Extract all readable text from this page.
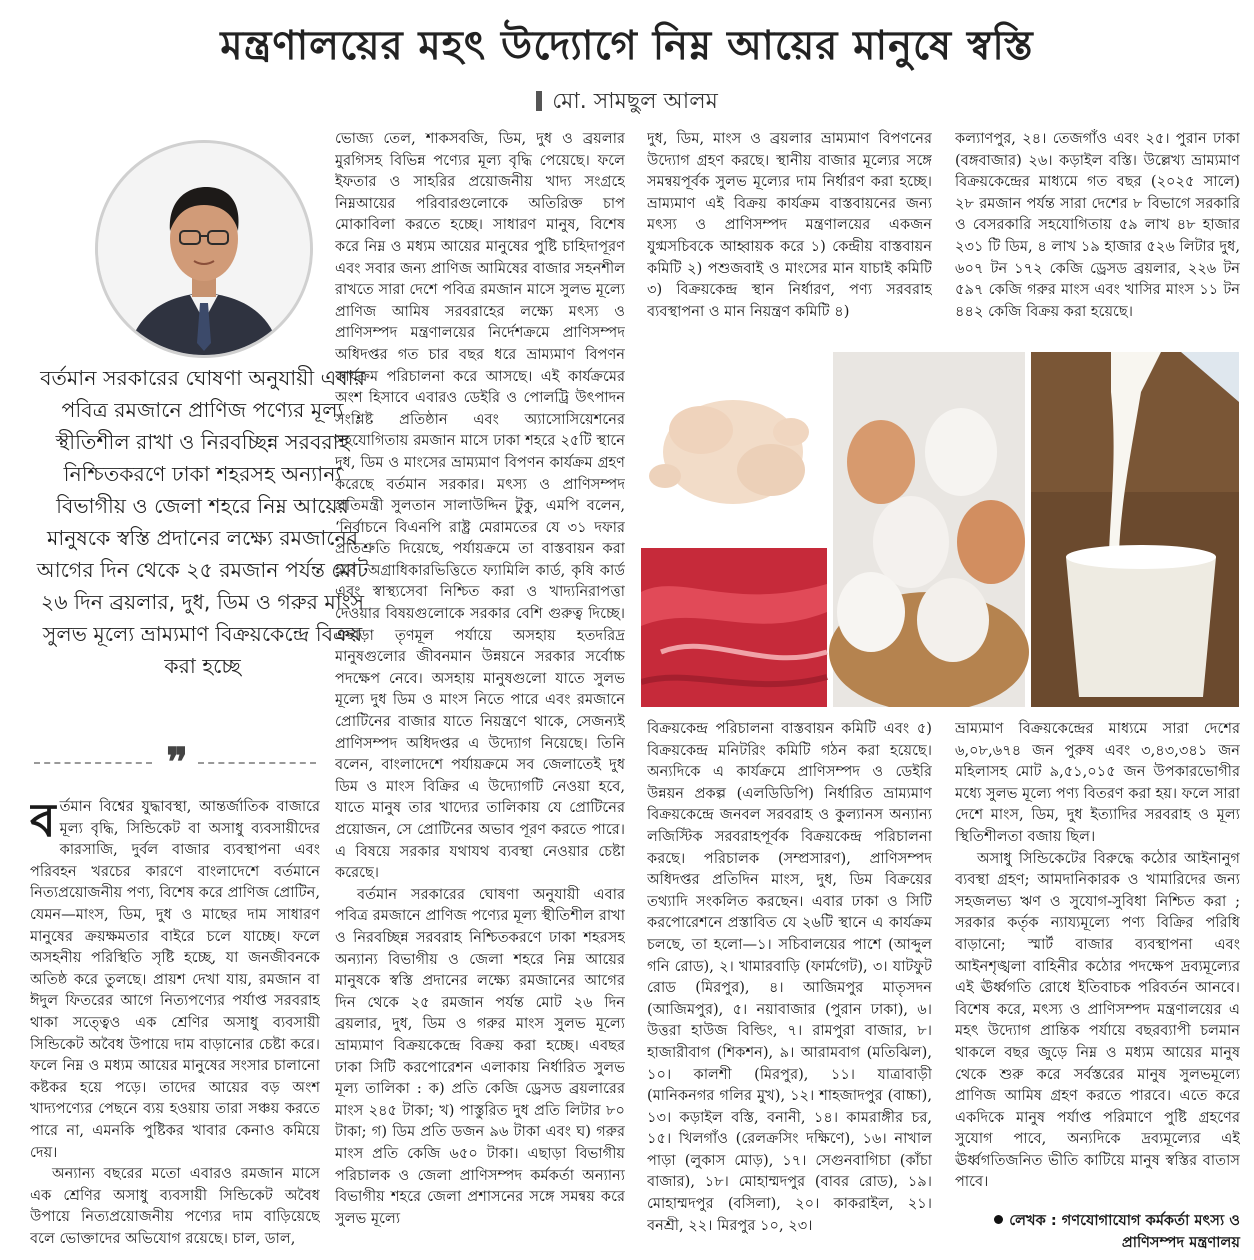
মন্ত্রণালয়ের মহৎ উদ্যোগে নিম্ন আয়ের মানুষে স্বস্তি
মো. সামছুল আলম
বর্তমান সরকারের ঘোষণা অনুযায়ী এবার পবিত্র রমজানে প্রাণিজ পণ্যের মূল্য স্থীতিশীল রাখা ও নিরবচ্ছিন্ন সরবরাহ নিশ্চিতকরণে ঢাকা শহরসহ অন্যান্য বিভাগীয় ও জেলা শহরে নিম্ন আয়ের মানুষকে স্বস্তি প্রদানের লক্ষ্যে রমজানের আগের দিন থেকে ২৫ রমজান পর্যন্ত মোট ২৬ দিন ব্রয়লার, দুধ, ডিম ও গরুর মাংস সুলভ মূল্যে ভ্রাম্যমাণ বিক্রয়কেন্দ্রে বিক্রয় করা হচ্ছে
❞

বর্তমান বিশ্বের যুদ্ধাবস্থা, আন্তর্জাতিক বাজারে মূল্য বৃদ্ধি, সিন্ডিকেট বা অসাধু ব্যবসায়ীদের কারসাজি, দুর্বল বাজার ব্যবস্থাপনা এবং পরিবহন খরচের কারণে বাংলাদেশে বর্তমানে নিত্যপ্রয়োজনীয় পণ্য, বিশেষ করে প্রাণিজ প্রোটিন, যেমন—মাংস, ডিম, দুধ ও মাছের দাম সাধারণ মানুষের ক্রয়ক্ষমতার বাইরে চলে যাচ্ছে। ফলে অসহনীয় পরিস্থিতি সৃষ্টি হচ্ছে, যা জনজীবনকে অতিষ্ঠ করে তুলছে। প্রায়শ দেখা যায়, রমজান বা ঈদুল ফিতরের আগে নিত্যপণ্যের পর্যাপ্ত সরবরাহ থাকা সত্ত্বেও এক শ্রেণির অসাধু ব্যবসায়ী সিন্ডিকেট অবৈধ উপায়ে দাম বাড়ানোর চেষ্টা করে। ফলে নিম্ন ও মধ্যম আয়ের মানুষের সংসার চালানো কষ্টকর হয়ে পড়ে। তাদের আয়ের বড় অংশ খাদ্যপণ্যের পেছনে ব্যয় হওয়ায় তারা সঞ্চয় করতে পারে না, এমনকি পুষ্টিকর খাবার কেনাও কমিয়ে দেয়।

অন্যান্য বছরের মতো এবারও রমজান মাসে এক শ্রেণির অসাধু ব্যবসায়ী সিন্ডিকেট অবৈধ উপায়ে নিত্যপ্রয়োজনীয় পণ্যের দাম বাড়িয়েছে বলে ভোক্তাদের অভিযোগ রয়েছে। চাল, ডাল,

ভোজ্য তেল, শাকসবজি, ডিম, দুধ ও ব্রয়লার মুরগিসহ বিভিন্ন পণ্যের মূল্য বৃদ্ধি পেয়েছে। ফলে ইফতার ও সাহরির প্রয়োজনীয় খাদ্য সংগ্রহে নিম্নআয়ের পরিবারগুলোকে অতিরিক্ত চাপ মোকাবিলা করতে হচ্ছে। সাধারণ মানুষ, বিশেষ করে নিম্ন ও মধ্যম আয়ের মানুষের পুষ্টি চাহিদাপূরণ এবং সবার জন্য প্রাণিজ আমিষের বাজার সহনশীল রাখতে সারা দেশে পবিত্র রমজান মাসে সুলভ মূল্যে প্রাণিজ আমিষ সরবরাহের লক্ষ্যে মৎস্য ও প্রাণিসম্পদ মন্ত্রণালয়ের নির্দেশক্রমে প্রাণিসম্পদ অধিদপ্তর গত চার বছর ধরে ভ্রাম্যমাণ বিপণন কার্যক্রম পরিচালনা করে আসছে। এই কার্যক্রমের অংশ হিসাবে এবারও ডেইরি ও পোলট্রি উৎপাদন সংশ্লিষ্ট প্রতিষ্ঠান এবং অ্যাসোসিয়েশনের সহযোগিতায় রমজান মাসে ঢাকা শহরে ২৫টি স্থানে দুধ, ডিম ও মাংসের ভ্রাম্যমাণ বিপণন কার্যক্রম গ্রহণ করেছে বর্তমান সরকার। মৎস্য ও প্রাণিসম্পদ প্রতিমন্ত্রী সুলতান সালাউদ্দিন টুকু, এমপি বলেন, ‘নির্বাচনে বিএনপি রাষ্ট্র মেরামতের যে ৩১ দফার প্রতিশ্রুতি দিয়েছে, পর্যায়ক্রমে তা বাস্তবায়ন করা হবে। অগ্রাধিকারভিত্তিতে ফ্যামিলি কার্ড, কৃষি কার্ড এবং স্বাস্থ্যসেবা নিশ্চিত করা ও খাদ্যনিরাপত্তা দেওয়ার বিষয়গুলোকে সরকার বেশি গুরুত্ব দিচ্ছে। এছাড়া তৃণমূল পর্যায়ে অসহায় হতদরিদ্র মানুষগুলোর জীবনমান উন্নয়নে সরকার সর্বোচ্চ পদক্ষেপ নেবে। অসহায় মানুষগুলো যাতে সুলভ মূল্যে দুধ ডিম ও মাংস নিতে পারে এবং রমজানে প্রোটিনের বাজার যাতে নিয়ন্ত্রণে থাকে, সেজন্যই প্রাণিসম্পদ অধিদপ্তর এ উদ্যোগ নিয়েছে। তিনি বলেন, বাংলাদেশে পর্যায়ক্রমে সব জেলাতেই দুধ ডিম ও মাংস বিক্রির এ উদ্যোগটি নেওয়া হবে, যাতে মানুষ তার খাদ্যের তালিকায় যে প্রোটিনের প্রয়োজন, সে প্রোটিনের অভাব পূরণ করতে পারে। এ বিষয়ে সরকার যথাযথ ব্যবস্থা নেওয়ার চেষ্টা করেছে।

বর্তমান সরকারের ঘোষণা অনুযায়ী এবার পবিত্র রমজানে প্রাণিজ পণ্যের মূল্য স্থীতিশীল রাখা ও নিরবচ্ছিন্ন সরবরাহ নিশ্চিতকরণে ঢাকা শহরসহ অন্যান্য বিভাগীয় ও জেলা শহরে নিম্ন আয়ের মানুষকে স্বস্তি প্রদানের লক্ষ্যে রমজানের আগের দিন থেকে ২৫ রমজান পর্যন্ত মোট ২৬ দিন ব্রয়লার, দুধ, ডিম ও গরুর মাংস সুলভ মূল্যে ভ্রাম্যমাণ বিক্রয়কেন্দ্রে বিক্রয় করা হচ্ছে। এবছর ঢাকা সিটি করপোরেশন এলাকায় নির্ধারিত সুলভ মূল্য তালিকা : ক) প্রতি কেজি ড্রেসড ব্রয়লারের মাংস ২৪৫ টাকা; খ) পাস্তুরিত দুধ প্রতি লিটার ৮০ টাকা; গ) ডিম প্রতি ডজন ৯৬ টাকা এবং ঘ) গরুর মাংস প্রতি কেজি ৬৫০ টাকা। এছাড়া বিভাগীয় পরিচালক ও জেলা প্রাণিসম্পদ কর্মকর্তা অন্যান্য বিভাগীয় শহরে জেলা প্রশাসনের সঙ্গে সমন্বয় করে সুলভ মূল্যে

দুধ, ডিম, মাংস ও ব্রয়লার ভ্রাম্যমাণ বিপণনের উদ্যোগ গ্রহণ করছে। স্থানীয় বাজার মূল্যের সঙ্গে সমন্বয়পূর্বক সুলভ মূল্যের দাম নির্ধারণ করা হচ্ছে। ভ্রাম্যমাণ এই বিক্রয় কার্যক্রম বাস্তবায়নের জন্য মৎস্য ও প্রাণিসম্পদ মন্ত্রণালয়ের একজন যুগ্মসচিবকে আহ্বায়ক করে ১) কেন্দ্রীয় বাস্তবায়ন কমিটি ২) পশুজবাই ও মাংসের মান যাচাই কমিটি ৩) বিক্রয়কেন্দ্র স্থান নির্ধারণ, পণ্য সরবরাহ ব্যবস্থাপনা ও মান নিয়ন্ত্রণ কমিটি ৪)

কল্যাণপুর, ২৪। তেজগাঁও এবং ২৫। পুরান ঢাকা (বঙ্গবাজার) ২৬। কড়াইল বস্তি। উল্লেখ্য ভ্রাম্যমাণ বিক্রয়কেন্দ্রের মাধ্যমে গত বছর (২০২৫ সালে) ২৮ রমজান পর্যন্ত সারা দেশের ৮ বিভাগে সরকারি ও বেসরকারি সহযোগিতায় ৫৯ লাখ ৪৮ হাজার ২৩১ টি ডিম, ৪ লাখ ১৯ হাজার ৫২৬ লিটার দুধ, ৬০৭ টন ১৭২ কেজি ড্রেসড ব্রয়লার, ২২৬ টন ৫৯৭ কেজি গরুর মাংস এবং খাসির মাংস ১১ টন ৪৪২ কেজি বিক্রয় করা হয়েছে।

বিক্রয়কেন্দ্র পরিচালনা বাস্তবায়ন কমিটি এবং ৫) বিক্রয়কেন্দ্র মনিটরিং কমিটি গঠন করা হয়েছে। অন্যদিকে এ কার্যক্রমে প্রাণিসম্পদ ও ডেইরি উন্নয়ন প্রকল্প (এলডিডিপি) নির্ধারিত ভ্রাম্যমাণ বিক্রয়কেন্দ্রে জনবল সরবরাহ ও কুল্যানস অন্যান্য লজিস্টিক সরবরাহপূর্বক বিক্রয়কেন্দ্র পরিচালনা করছে। পরিচালক (সম্প্রসারণ), প্রাণিসম্পদ অধিদপ্তর প্রতিদিন মাংস, দুধ, ডিম বিক্রয়ের তথ্যাদি সংকলিত করছেন। এবার ঢাকা ও সিটি করপোরেশনে প্রস্তাবিত যে ২৬টি স্থানে এ কার্যক্রম চলছে, তা হলো—১। সচিবালয়ের পাশে (আব্দুল গনি রোড), ২। খামারবাড়ি (ফার্মগেট), ৩। যাটফুট রোড (মিরপুর), ৪। আজিমপুর মাতৃসদন (আজিমপুর), ৫। নয়াবাজার (পুরান ঢাকা), ৬। উত্তরা হাউজ বিল্ডিং, ৭। রামপুরা বাজার, ৮। হাজারীবাগ (শিকশন), ৯। আরামবাগ (মতিঝিল), ১০। কালশী (মিরপুর), ১১। যাত্রাবাড়ী (মানিকনগর গলির মুখ), ১২। শাহজাদপুর (বাচ্চা), ১৩। কড়াইল বস্তি, বনানী, ১৪। কামরাঙ্গীর চর, ১৫। খিলগাঁও (রেলক্রসিং দক্ষিণে), ১৬। নাখাল পাড়া (লুকাস মোড়), ১৭। সেগুনবাগিচা (কাঁচা বাজার), ১৮। মোহাম্মদপুর (বাবর রোড), ১৯। মোহাম্মদপুর (বসিলা), ২০। কাকরাইল, ২১। বনশ্রী, ২২। মিরপুর ১০, ২৩।

ভ্রাম্যমাণ বিক্রয়কেন্দ্রের মাধ্যমে সারা দেশের ৬,০৮,৬৭৪ জন পুরুষ এবং ৩,৪৩,৩৪১ জন মহিলাসহ মোট ৯,৫১,০১৫ জন উপকারভোগীর মধ্যে সুলভ মূল্যে পণ্য বিতরণ করা হয়। ফলে সারা দেশে মাংস, ডিম, দুধ ইত্যাদির সরবরাহ ও মূল্য স্থিতিশীলতা বজায় ছিল।

অসাধু সিন্ডিকেটের বিরুদ্ধে কঠোর আইনানুগ ব্যবস্থা গ্রহণ; আমদানিকারক ও খামারিদের জন্য সহজলভ্য ঋণ ও সুযোগ-সুবিধা নিশ্চিত করা ; সরকার কর্তৃক ন্যায্যমূল্যে পণ্য বিক্রির পরিধি বাড়ানো; স্মার্ট বাজার ব্যবস্থাপনা এবং আইনশৃঙ্খলা বাহিনীর কঠোর পদক্ষেপ দ্রব্যমূল্যের এই ঊর্ধ্বগতি রোধে ইতিবাচক পরিবর্তন আনবে। বিশেষ করে, মৎস্য ও প্রাণিসম্পদ মন্ত্রণালয়ের এ মহৎ উদ্যোগ প্রান্তিক পর্যায়ে বছরব্যাপী চলমান থাকলে বছর জুড়ে নিম্ন ও মধ্যম আয়ের মানুষ থেকে শুরু করে সর্বস্তরের মানুষ সুলভমূল্যে প্রাণিজ আমিষ গ্রহণ করতে পারবে। এতে করে একদিকে মানুষ পর্যাপ্ত পরিমাণে পুষ্টি গ্রহণের সুযোগ পাবে, অন্যদিকে দ্রব্যমূল্যের এই ঊর্ধ্বগতিজনিত ভীতি কাটিয়ে মানুষ স্বস্তির বাতাস পাবে।

লেখক : গণযোগাযোগ কর্মকর্তা মৎস্য ও প্রাণিসম্পদ মন্ত্রণালয়
